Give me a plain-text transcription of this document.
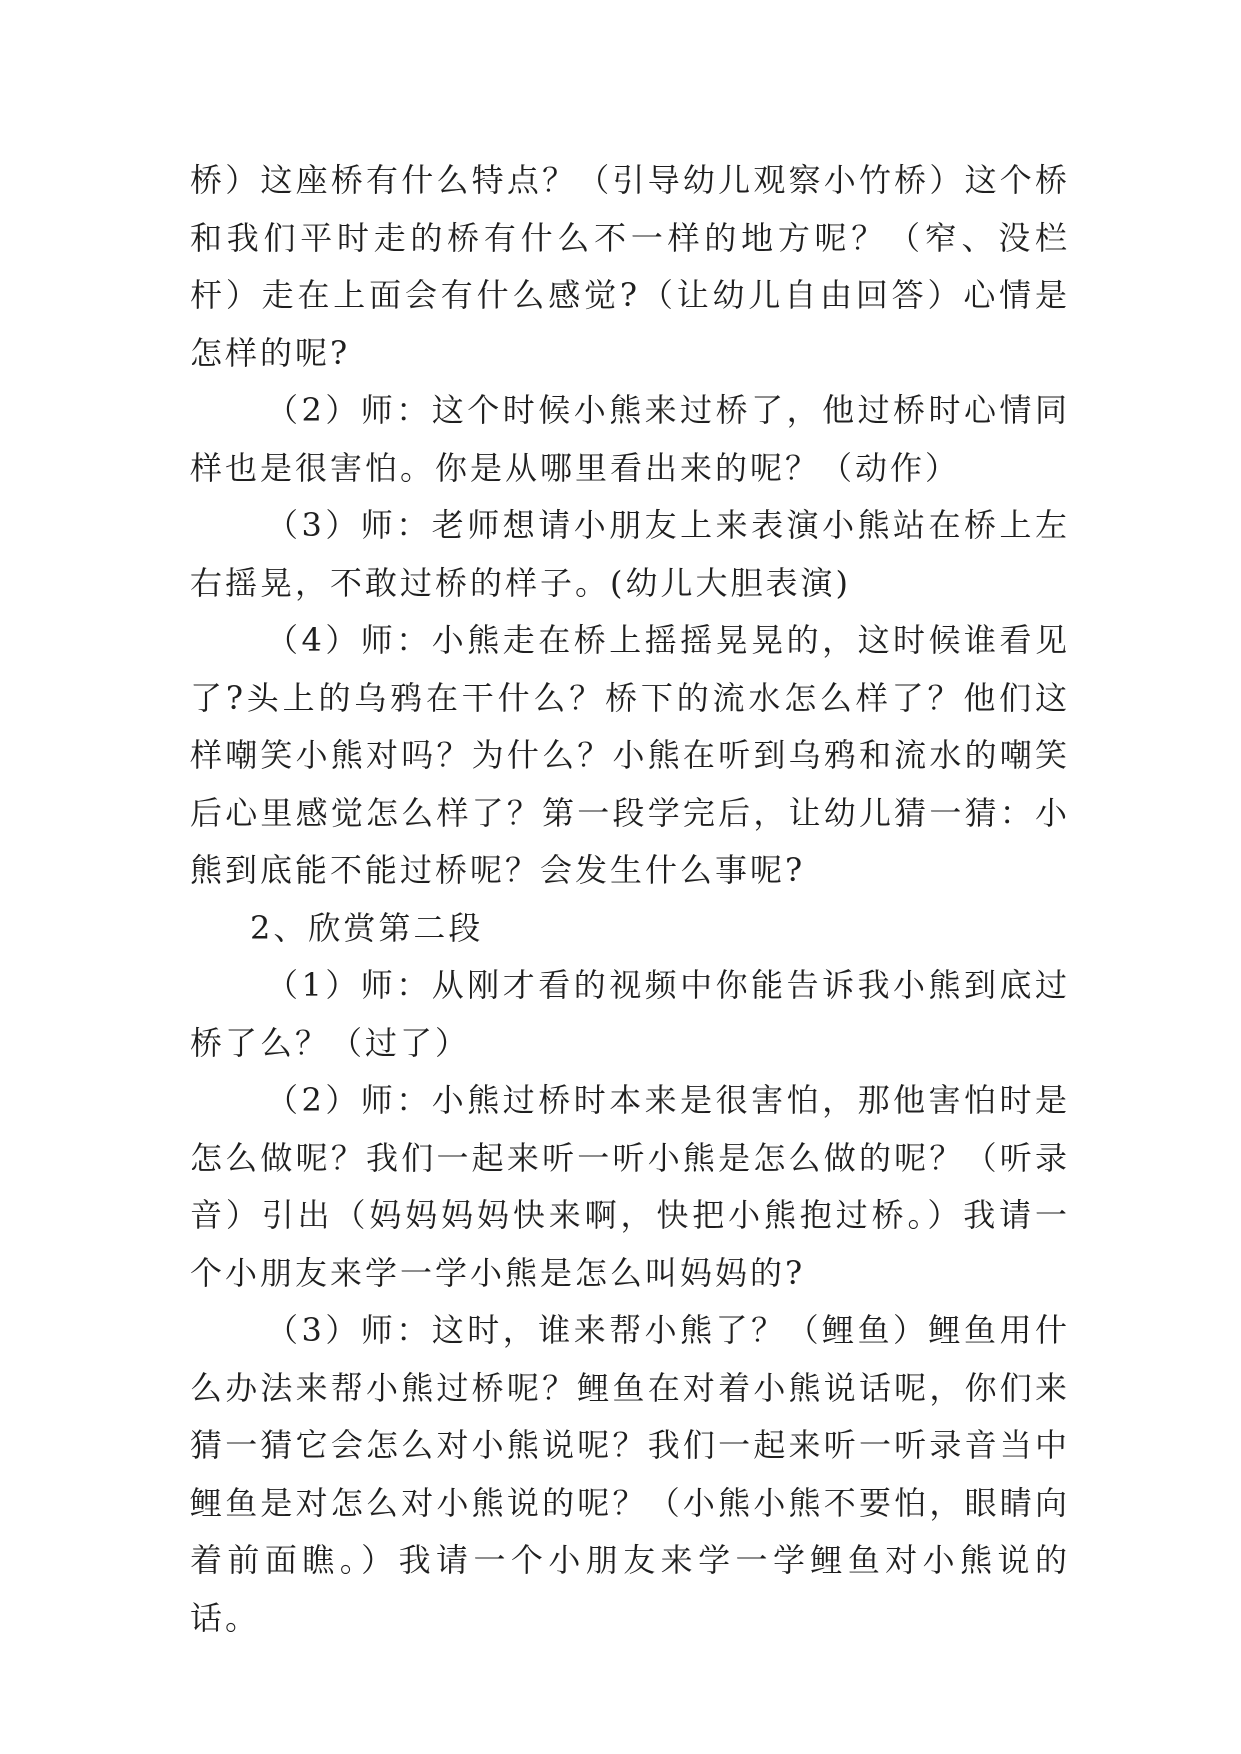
桥）这座桥有什么特点？（引导幼儿观察小竹桥）这个桥和我们平时走的桥有什么不一样的地方呢？（窄、没栏杆）走在上面会有什么感觉?（让幼儿自由回答）心情是怎样的呢?

（2）师：这个时候小熊来过桥了，他过桥时心情同样也是很害怕。你是从哪里看出来的呢？（动作）

（3）师：老师想请小朋友上来表演小熊站在桥上左右摇晃，不敢过桥的样子。(幼儿大胆表演)

（4）师：小熊走在桥上摇摇晃晃的，这时候谁看见了?头上的乌鸦在干什么？桥下的流水怎么样了？他们这样嘲笑小熊对吗？为什么？小熊在听到乌鸦和流水的嘲笑后心里感觉怎么样了？第一段学完后，让幼儿猜一猜：小熊到底能不能过桥呢？会发生什么事呢?

2、欣赏第二段

（1）师：从刚才看的视频中你能告诉我小熊到底过桥了么？（过了）

（2）师：小熊过桥时本来是很害怕，那他害怕时是怎么做呢？我们一起来听一听小熊是怎么做的呢？（听录音）引出（妈妈妈妈快来啊，快把小熊抱过桥。）我请一个小朋友来学一学小熊是怎么叫妈妈的?

（3）师：这时，谁来帮小熊了？（鲤鱼）鲤鱼用什么办法来帮小熊过桥呢？鲤鱼在对着小熊说话呢，你们来猜一猜它会怎么对小熊说呢？我们一起来听一听录音当中鲤鱼是对怎么对小熊说的呢？（小熊小熊不要怕，眼睛向着前面瞧。）我请一个小朋友来学一学鲤鱼对小熊说的话。
